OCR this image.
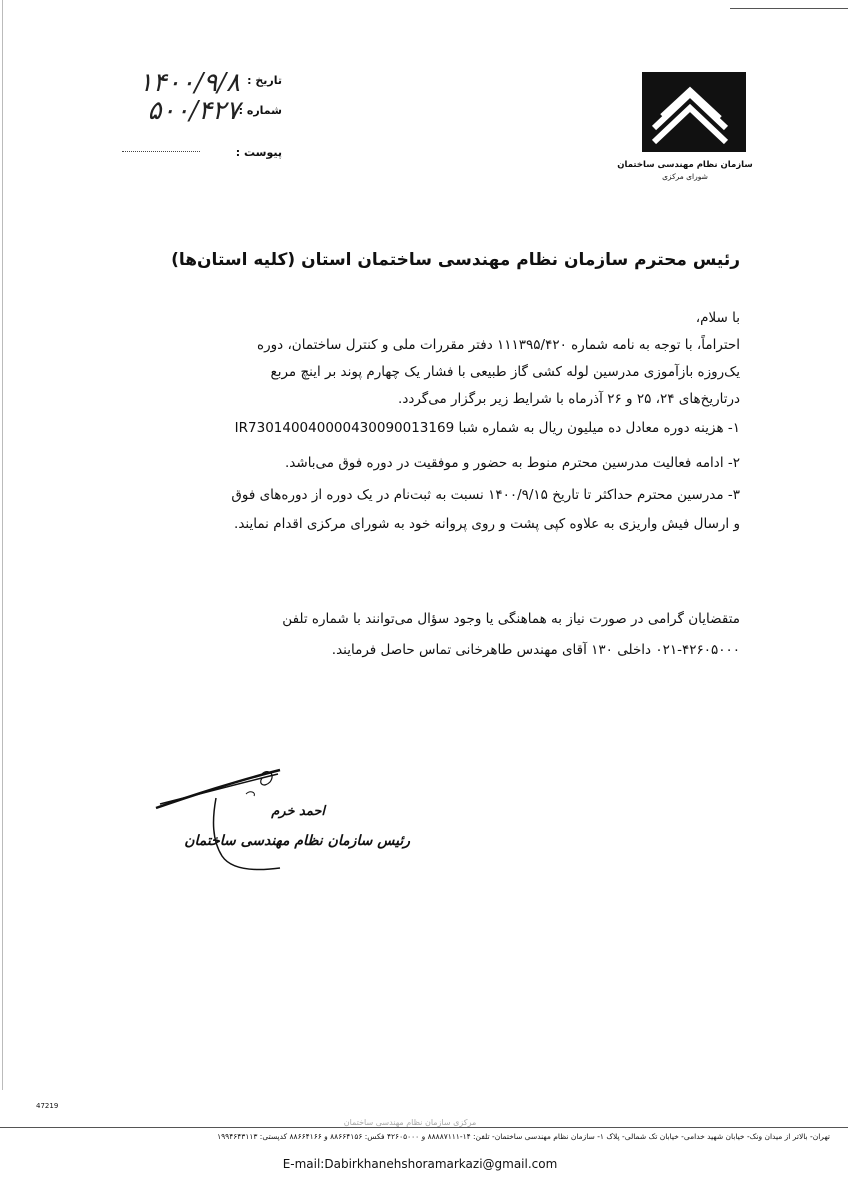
سازمان نظام مهندسی ساختمان
شورای مرکزی
تاریخ :
۱۴۰۰/۹/۸
شماره :
۵۰۰/۴۲۷
پیوست :
رئیس محترم سازمان نظام مهندسی ساختمان استان (کلیه استان‌ها)
با سلام،
احتراماً، با توجه به نامه شماره ۱۱۱۳۹۵/۴۲۰ دفتر مقررات ملی و کنترل ساختمان، دوره
یک‌روزه بازآموزی مدرسین لوله کشی گاز طبیعی با فشار یک چهارم پوند بر اینچ مربع
درتاریخ‌های ۲۴، ۲۵ و ۲۶ آذرماه با شرایط زیر برگزار می‌گردد.
۱- هزینه دوره معادل ده میلیون ریال به شماره شبا IR730140040000430090013169
۲- ادامه فعالیت مدرسین محترم منوط به حضور و موفقیت در دوره فوق می‌باشد.
۳- مدرسین محترم حداکثر تا تاریخ ۱۴۰۰/۹/۱۵ نسبت به ثبت‌نام در یک دوره از دوره‌های فوق
و ارسال فیش واریزی به علاوه کپی پشت و روی پروانه خود به شورای مرکزی اقدام نمایند.
متقضایان گرامی در صورت نیاز به هماهنگی یا وجود سؤال می‌توانند با شماره تلفن
۰۲۱-۴۲۶۰۵۰۰۰ داخلی ۱۳۰ آقای مهندس طاهرخانی تماس حاصل فرمایند.
احمد خرم
رئیس سازمان نظام مهندسی ساختمان
47219
مرکزی سازمان نظام مهندسی ساختمان
تهران- بالاتر از میدان ونک- خیابان شهید خدامی- خیابان تک شمالی- پلاک ۱- سازمان نظام مهندسی ساختمان- تلفن: ۱۴-۸۸۸۸۷۱۱۱ و ۴۲۶۰۵۰۰۰ فکس: ۸۸۶۶۴۱۵۶ و ۸۸۶۶۴۱۶۶ کدپستی: ۱۹۹۴۶۴۳۱۱۳
E-mail:Dabirkhanehshoramarkazi@gmail.com
